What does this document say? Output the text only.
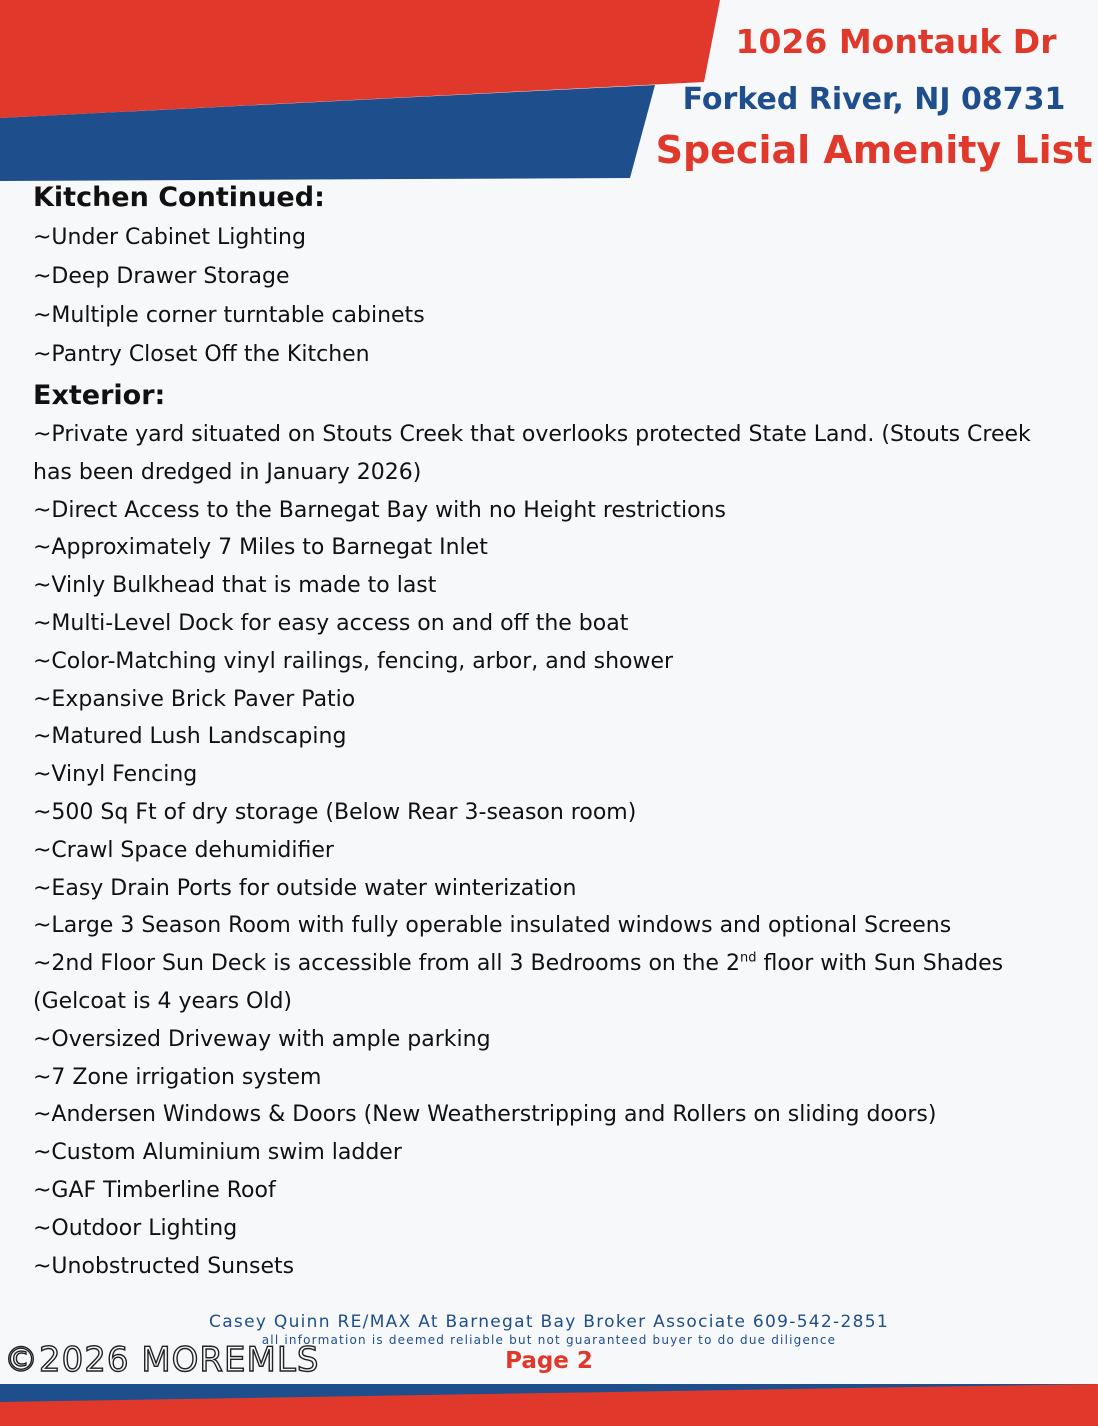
1026 Montauk Dr
Forked River, NJ 08731
Special Amenity List
Kitchen Continued:

~Under Cabinet Lighting

~Deep Drawer Storage

~Multiple corner turntable cabinets

~Pantry Closet Off the Kitchen

Exterior:

~Private yard situated on Stouts Creek that overlooks protected State Land. (Stouts Creek

has been dredged in January 2026)

~Direct Access to the Barnegat Bay with no Height restrictions

~Approximately 7 Miles to Barnegat Inlet

~Vinly Bulkhead that is made to last

~Multi-Level Dock for easy access on and off the boat

~Color-Matching vinyl railings, fencing, arbor, and shower

~Expansive Brick Paver Patio

~Matured Lush Landscaping

~Vinyl Fencing

~500 Sq Ft of dry storage (Below Rear 3-season room)

~Crawl Space dehumidifier

~Easy Drain Ports for outside water winterization

~Large 3 Season Room with fully operable insulated windows and optional Screens

~2nd Floor Sun Deck is accessible from all 3 Bedrooms on the 2nd floor with Sun Shades

(Gelcoat is 4 years Old)

~Oversized Driveway with ample parking

~7 Zone irrigation system

~Andersen Windows & Doors (New Weatherstripping and Rollers on sliding doors)

~Custom Aluminium swim ladder

~GAF Timberline Roof

~Outdoor Lighting

~Unobstructed Sunsets

Casey Quinn RE/MAX At Barnegat Bay Broker Associate 609-542-2851
all information is deemed reliable but not guaranteed buyer to do due diligence
©2026 MOREMLS	Page 2
